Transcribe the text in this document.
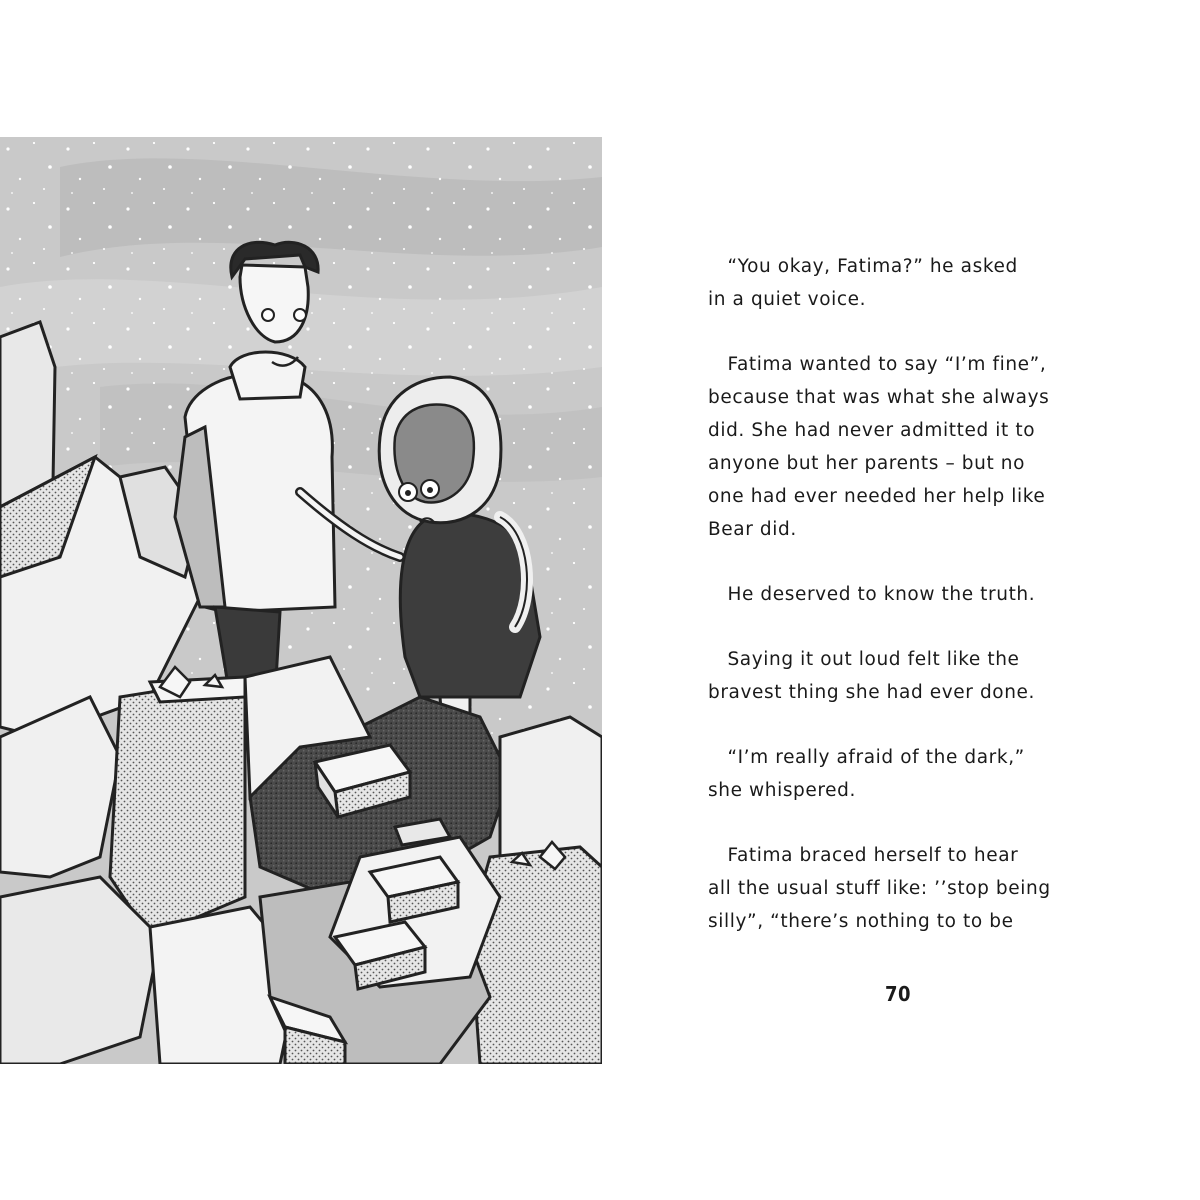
“You okay, Fatima?” he asked
in a quiet voice.

Fatima wanted to say “I’m fine”,
because that was what she always
did. She had never admitted it to
anyone but her parents – but no
one had ever needed her help like
Bear did.

He deserved to know the truth.

Saying it out loud felt like the
bravest thing she had ever done.

“I’m really afraid of the dark,”
she whispered.

Fatima braced herself to hear
all the usual stuff like: ’’stop being
silly”, “there’s nothing to to be

70
